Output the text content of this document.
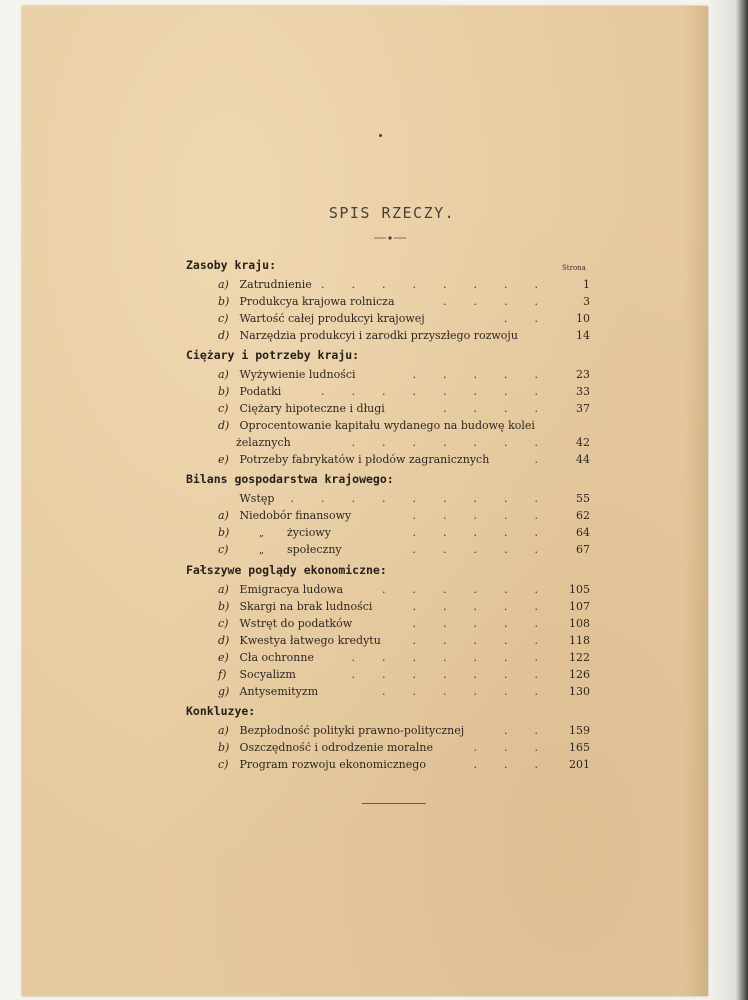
SPIS RZECZY.
Strona
Zasoby kraju:
. . . . . . . .
a) Zatrudnienie	1
. . . .
b) Produkcya krajowa rolnicza	3
. .
c) Wartość całej produkcyi krajowej	10
d) Narzędzia produkcyi i zarodki przyszłego rozwoju	14
Ciężary i potrzeby kraju:
. . . . .
a) Wyżywienie ludności	23
. . . . . . . .
b) Podatki	33
. . . .
c) Ciężary hipoteczne i długi	37
d) Oprocentowanie kapitału wydanego na budowę kolei
. . . . . . .
żelaznych	42
.
e) Potrzeby fabrykatów i płodów zagranicznych	44
Bilans gospodarstwa krajowego:
. . . . . . . . .
Wstęp	55
. . . . .
a) Niedobór finansowy	62
. . . . .
b)	„ życiowy	64
. . . . .
c)	„ społeczny	67
Fałszywe poglądy ekonomiczne:
. . . . . .
a) Emigracya ludowa	105
. . . . .
b) Skargi na brak ludności	107
. . . . .
c) Wstręt do podatków	108
. . . . .
d) Kwestya łatwego kredytu	118
. . . . . . .
e) Cła ochronne	122
. . . . . . .
f) Socyalizm	126
. . . . . .
g) Antysemityzm	130
Konkluzye:
. .
a) Bezpłodność polityki prawno-politycznej	159
. . .
b) Oszczędność i odrodzenie moralne	165
. . .
c) Program rozwoju ekonomicznego	201
